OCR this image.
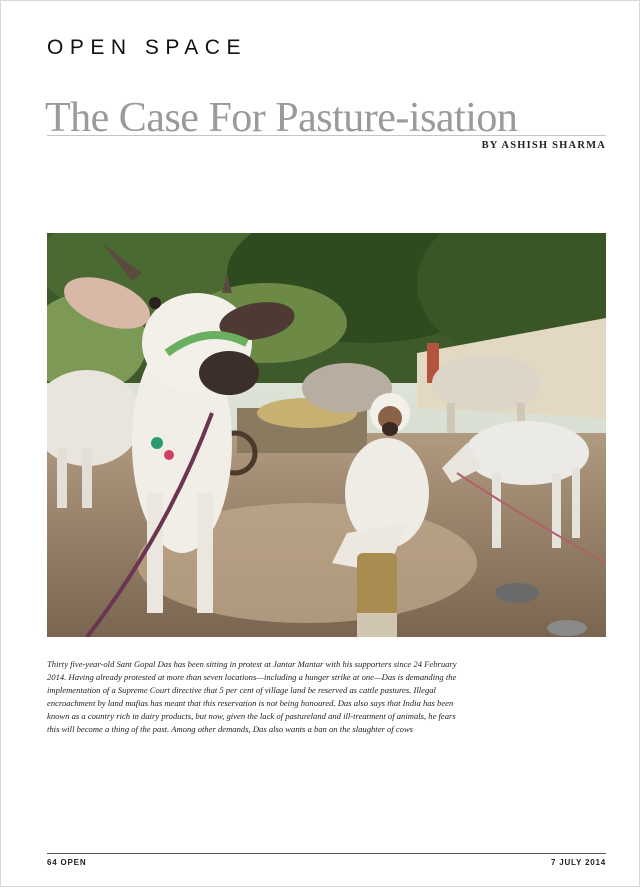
OPEN SPACE
The Case For Pasture-isation
BY ASHISH SHARMA
Thirty five-year-old Sant Gopal Das has been sitting in protest at Jantar Mantar with his supporters since 24 February 2014. Having already protested at more than seven locations—including a hunger strike at one—Das is demanding the implementation of a Supreme Court directive that 5 per cent of village land be reserved as cattle pastures. Illegal encroachment by land mafias has meant that this reservation is not being honoured. Das also says that India has been known as a country rich in dairy products, but now, given the lack of pastureland and ill-treatment of animals, he fears this will become a thing of the past. Among other demands, Das also wants a ban on the slaughter of cows
64 OPEN	7 JULY 2014
